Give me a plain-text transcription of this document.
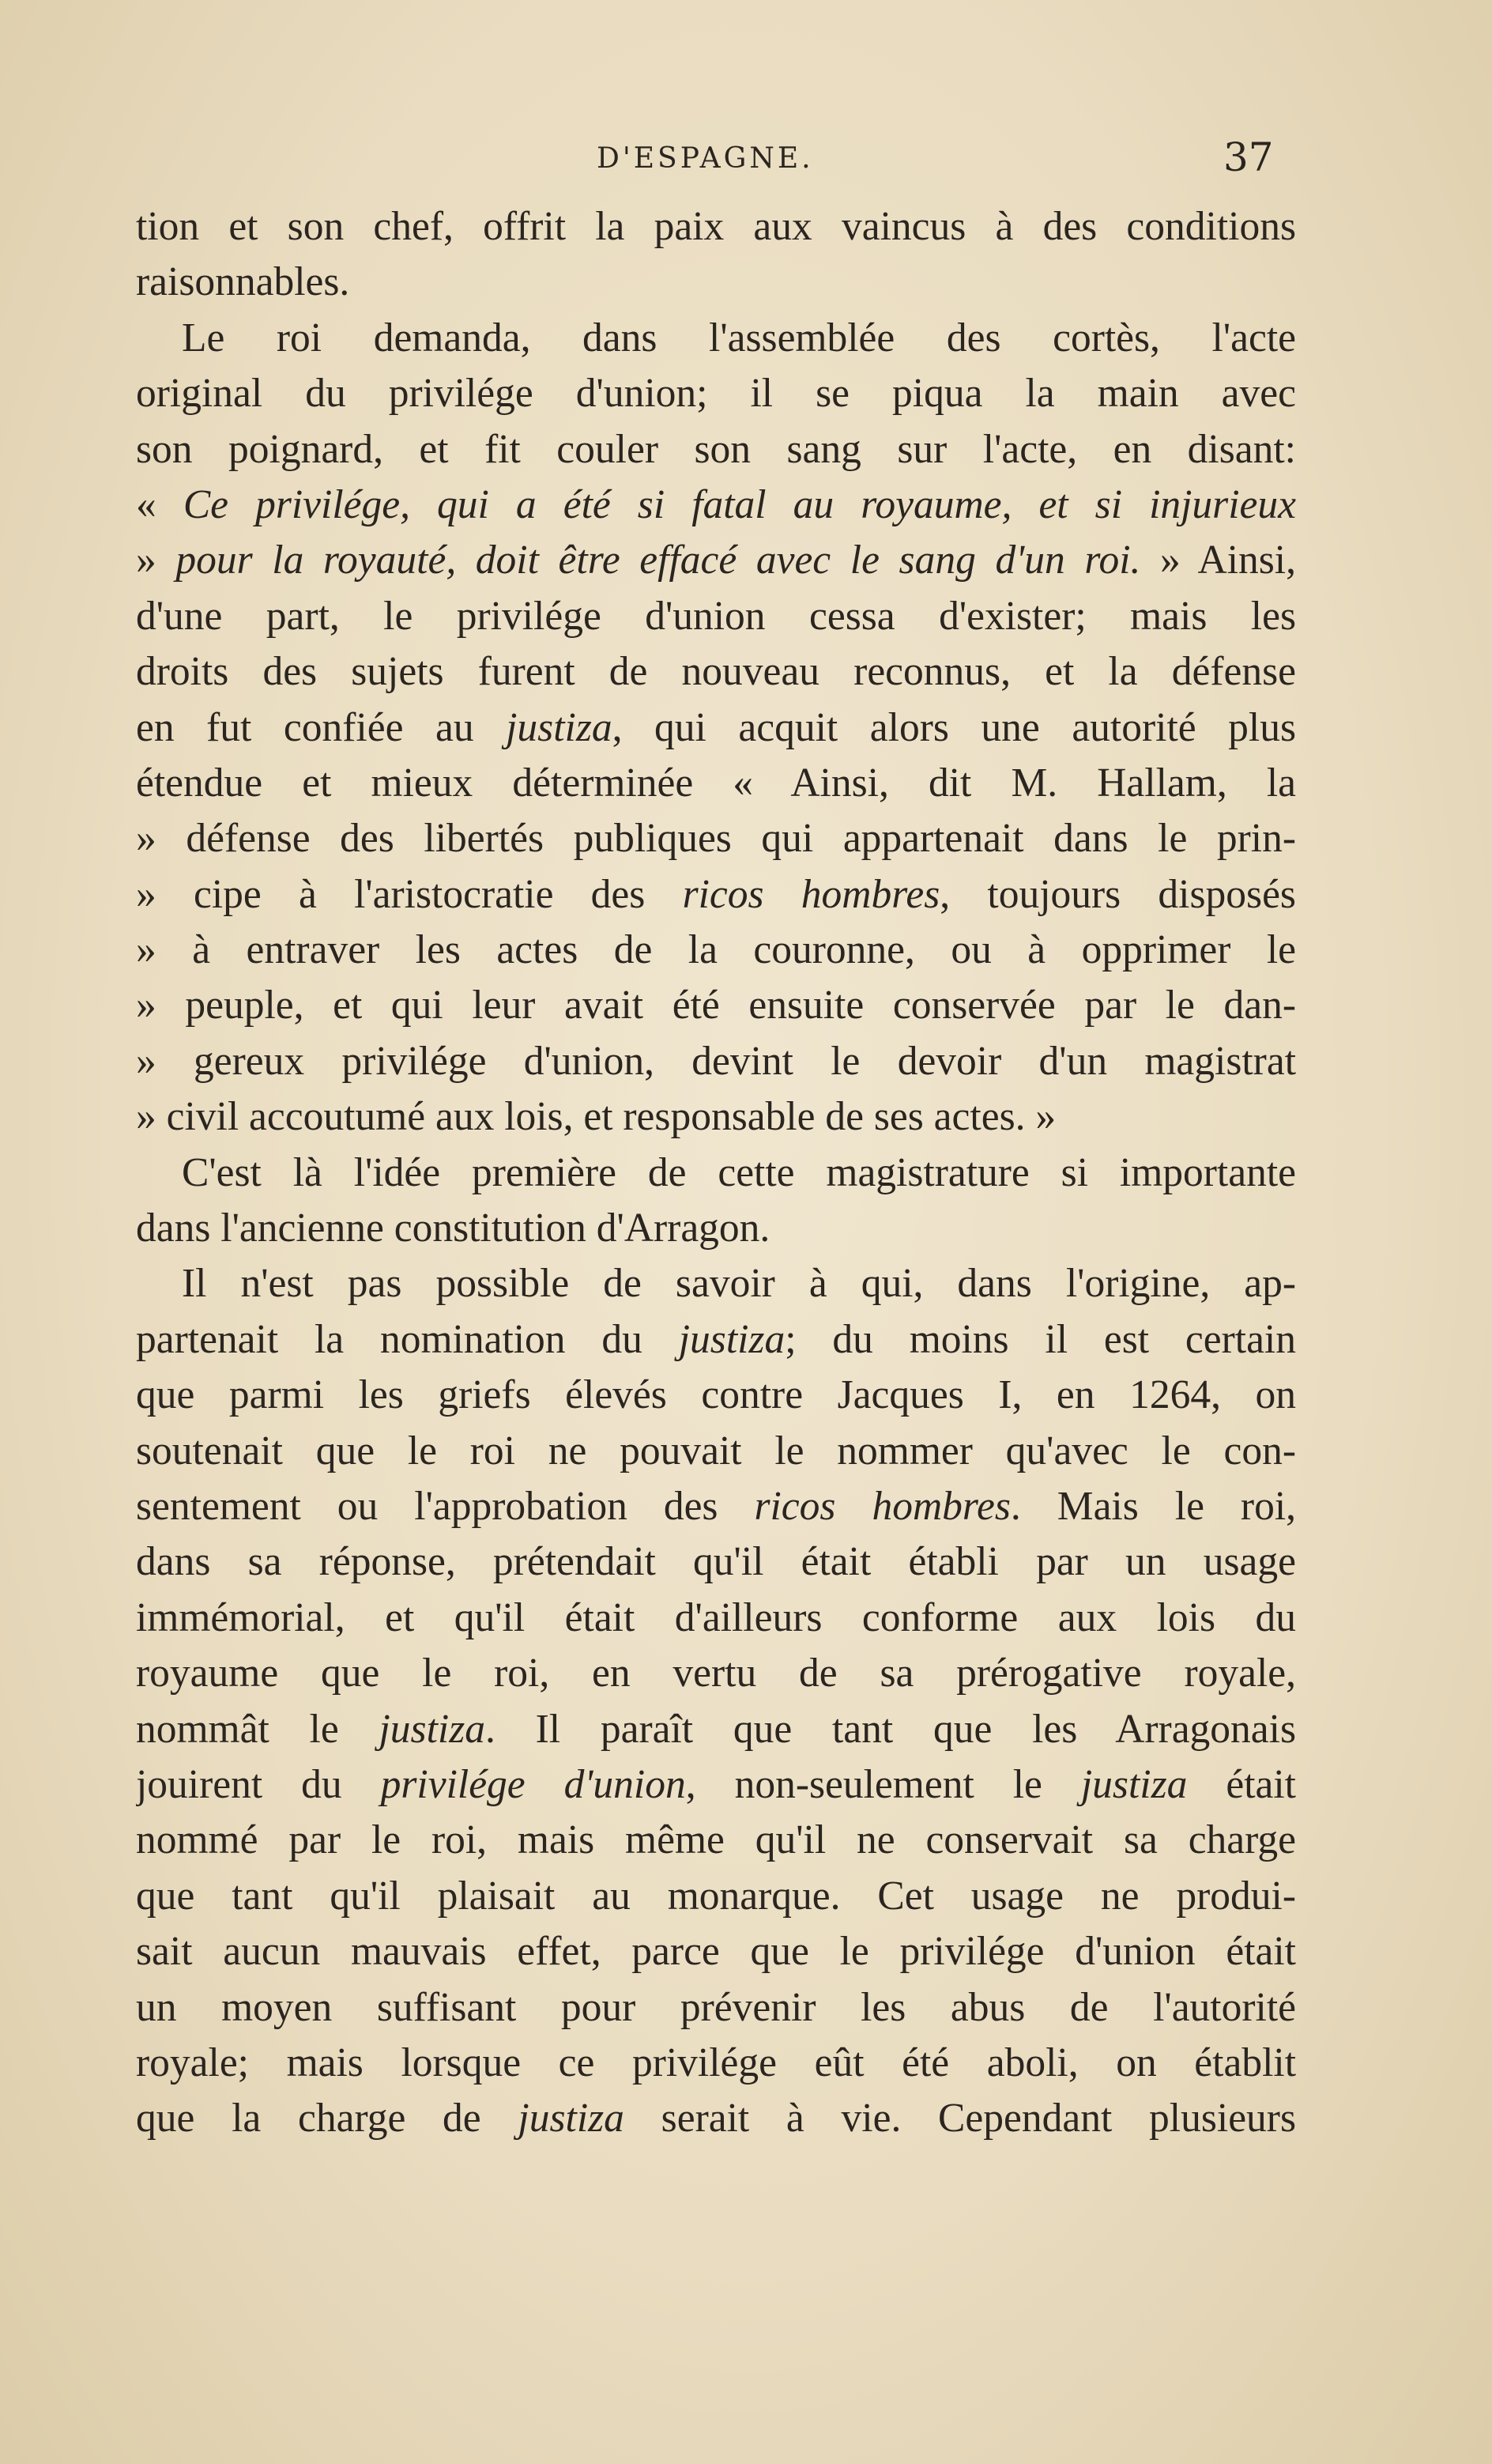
D'ESPAGNE.	37
tion et son chef, offrit la paix aux vaincus à des conditions
raisonnables.
Le roi demanda, dans l'assemblée des cortès, l'acte
original du privilége d'union; il se piqua la main avec
son poignard, et fit couler son sang sur l'acte, en disant:
« Ce privilége, qui a été si fatal au royaume, et si injurieux
» pour la royauté, doit être effacé avec le sang d'un roi. » Ainsi,
d'une part, le privilége d'union cessa d'exister; mais les
droits des sujets furent de nouveau reconnus, et la défense
en fut confiée au justiza, qui acquit alors une autorité plus
étendue et mieux déterminée « Ainsi, dit M. Hallam, la
» défense des libertés publiques qui appartenait dans le prin-
» cipe à l'aristocratie des ricos hombres, toujours disposés
» à entraver les actes de la couronne, ou à opprimer le
» peuple, et qui leur avait été ensuite conservée par le dan-
» gereux privilége d'union, devint le devoir d'un magistrat
» civil accoutumé aux lois, et responsable de ses actes. »
C'est là l'idée première de cette magistrature si importante
dans l'ancienne constitution d'Arragon.
Il n'est pas possible de savoir à qui, dans l'origine, ap-
partenait la nomination du justiza; du moins il est certain
que parmi les griefs élevés contre Jacques I, en 1264, on
soutenait que le roi ne pouvait le nommer qu'avec le con-
sentement ou l'approbation des ricos hombres. Mais le roi,
dans sa réponse, prétendait qu'il était établi par un usage
immémorial, et qu'il était d'ailleurs conforme aux lois du
royaume que le roi, en vertu de sa prérogative royale,
nommât le justiza. Il paraît que tant que les Arragonais
jouirent du privilége d'union, non-seulement le justiza était
nommé par le roi, mais même qu'il ne conservait sa charge
que tant qu'il plaisait au monarque. Cet usage ne produi-
sait aucun mauvais effet, parce que le privilége d'union était
un moyen suffisant pour prévenir les abus de l'autorité
royale; mais lorsque ce privilége eût été aboli, on établit
que la charge de justiza serait à vie. Cependant plusieurs
